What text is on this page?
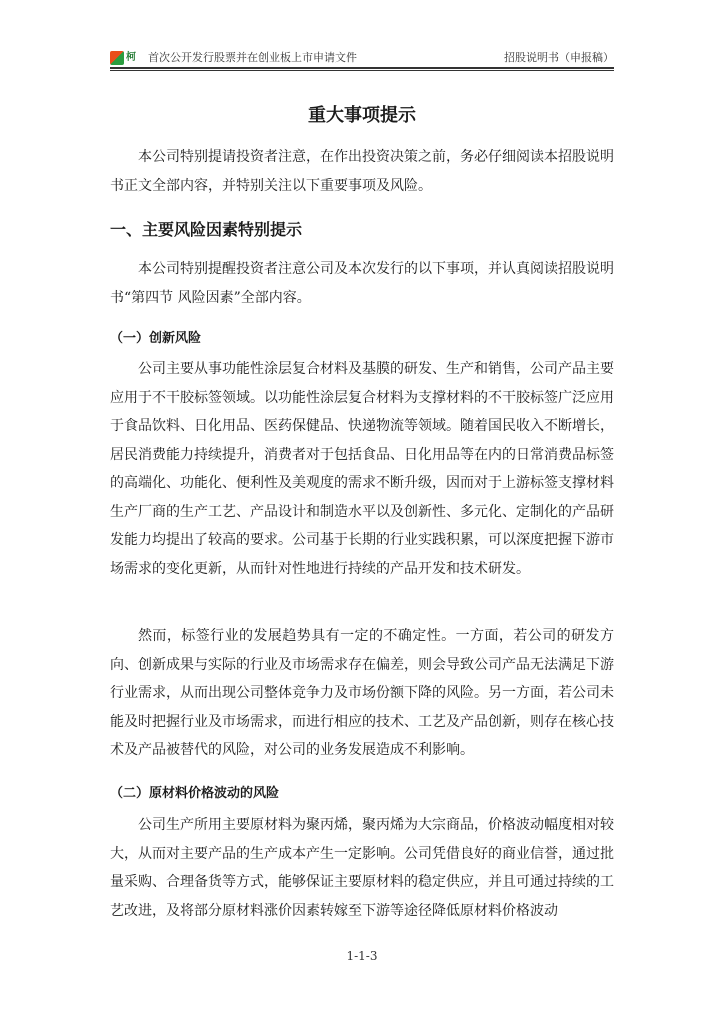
柯 首次公开发行股票并在创业板上市申请文件	招股说明书（申报稿）
重大事项提示

本公司特别提请投资者注意，在作出投资决策之前，务必仔细阅读本招股说明书正文全部内容，并特别关注以下重要事项及风险。

一、主要风险因素特别提示

本公司特别提醒投资者注意公司及本次发行的以下事项，并认真阅读招股说明书“第四节 风险因素”全部内容。

（一）创新风险

公司主要从事功能性涂层复合材料及基膜的研发、生产和销售，公司产品主要应用于不干胶标签领域。以功能性涂层复合材料为支撑材料的不干胶标签广泛应用于食品饮料、日化用品、医药保健品、快递物流等领域。随着国民收入不断增长，居民消费能力持续提升，消费者对于包括食品、日化用品等在内的日常消费品标签的高端化、功能化、便利性及美观度的需求不断升级，因而对于上游标签支撑材料生产厂商的生产工艺、产品设计和制造水平以及创新性、多元化、定制化的产品研发能力均提出了较高的要求。公司基于长期的行业实践积累，可以深度把握下游市场需求的变化更新，从而针对性地进行持续的产品开发和技术研发。

然而，标签行业的发展趋势具有一定的不确定性。一方面，若公司的研发方向、创新成果与实际的行业及市场需求存在偏差，则会导致公司产品无法满足下游行业需求，从而出现公司整体竞争力及市场份额下降的风险。另一方面，若公司未能及时把握行业及市场需求，而进行相应的技术、工艺及产品创新，则存在核心技术及产品被替代的风险，对公司的业务发展造成不利影响。

（二）原材料价格波动的风险

公司生产所用主要原材料为聚丙烯，聚丙烯为大宗商品，价格波动幅度相对较大，从而对主要产品的生产成本产生一定影响。公司凭借良好的商业信誉，通过批量采购、合理备货等方式，能够保证主要原材料的稳定供应，并且可通过持续的工艺改进，及将部分原材料涨价因素转嫁至下游等途径降低原材料价格波动

1-1-3
